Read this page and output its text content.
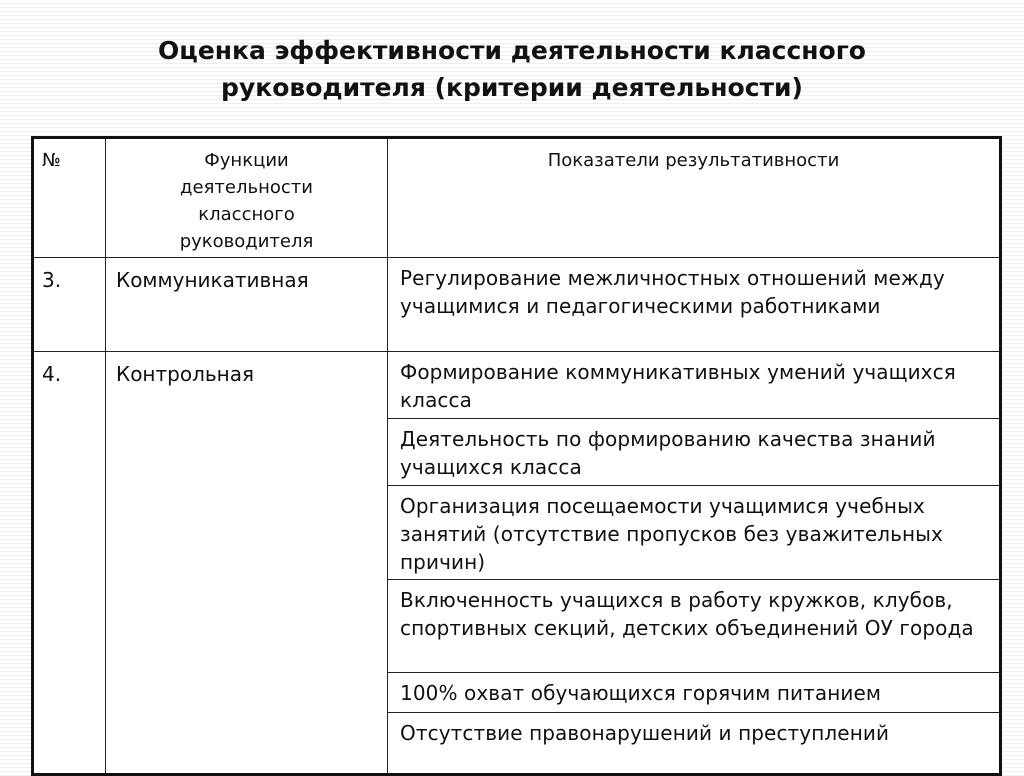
Оценка эффективности деятельности классного
руководителя (критерии деятельности)
№	Функции деятельности классного руководителя	Показатели результативности

3.	Коммуникативная	Регулирование межличностных отношений между учащимися и педагогическими работниками

4.	Контрольная	Формирование коммуникативных умений учащихся класса

		Деятельность по формированию качества знаний учащихся класса

		Организация посещаемости учащимися учебных занятий (отсутствие пропусков без уважительных причин)

		Включенность учащихся в работу кружков, клубов, спортивных секций, детских объединений ОУ города

		100% охват обучающихся горячим питанием

		Отсутствие правонарушений и преступлений
